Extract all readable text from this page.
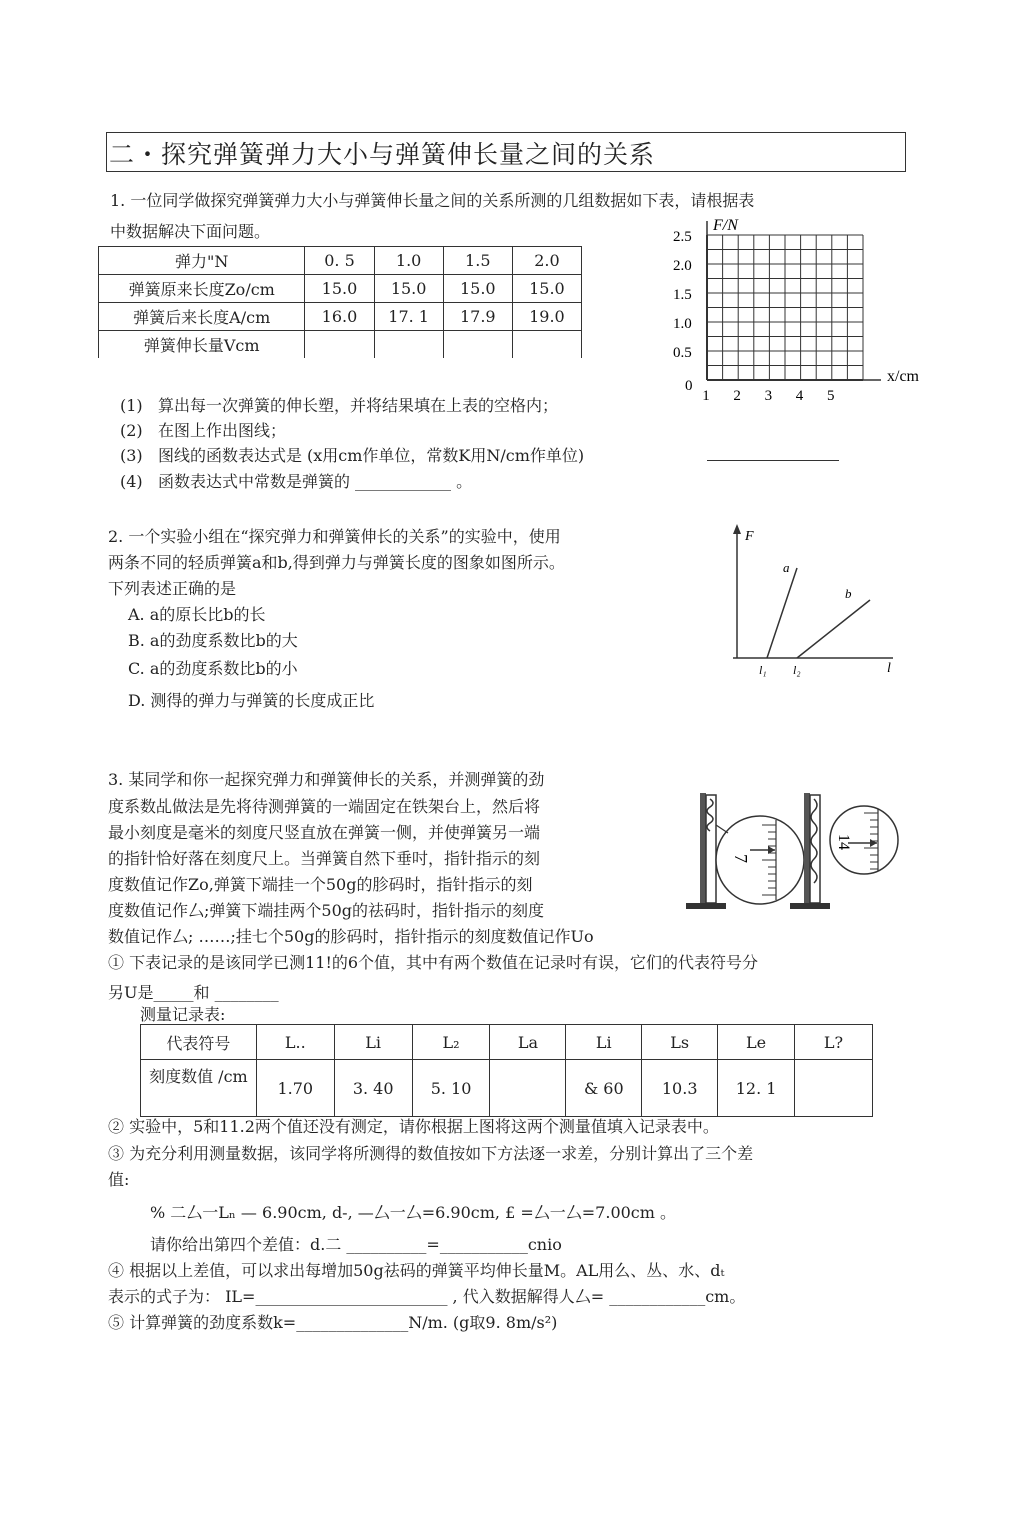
二・探究弹簧弹力大小与弹簧伸长量之间的关系
1. 一位同学做探究弹簧弹力大小与弹簧伸长量之间的关系所测的几组数据如下表，请根据表
中数据解决下面问题。
弹力"N	0. 5	1.0	1.5	2.0
弹簧原来长度Zo/cm	15.0	15.0	15.0	15.0
弹簧后来长度A/cm	16.0	17. 1	17.9	19.0
弹簧伸长量Vcm				
F/N
x/cm
2.5
2.0
1.5
1.0
0.5
0
1 2 3 4 5
(1) 算出每一次弹簧的伸长塑，并将结果填在上表的空格内；
(2) 在图上作出图线；
(3) 图线的函数表达式是 (x用cm作单位，常数K用N/cm作单位)
(4) 函数表达式中常数是弹簧的 ____________ 。
2. 一个实验小组在“探究弹力和弹簧伸长的关系”的实验中，使用
两条不同的轻质弹簧a和b,得到弹力与弹簧长度的图象如图所示。
下列表述正确的是
A. a的原长比b的长
B. a的劲度系数比b的大
C. a的劲度系数比b的小
D. 测得的弹力与弹簧的长度成正比
F
l
a
b
l₁ l₂
3. 某同学和你一起探究弹力和弹簧伸长的关系，并测弹簧的劲
度系数乩做法是先将待测弹簧的一端固定在铁架台上，然后将
最小刻度是毫米的刻度尺竖直放在弹簧一侧，并使弹簧另一端
的指针恰好落在刻度尺上。当弹簧自然下垂吋，指针指示的刻
度数值记作Zo,弹簧下端挂一个50g的胗码时，指针指示的刻
度数值记作厶;弹簧下端挂两个50g的祛码时，指针指示的刻度
数值记作厶; ……;挂七个50g的胗码时，指针指示的刻度数值记作Uo
7
14
① 下表记录的是该同学已测11!的6个值，其中有两个数值在记录吋有误，它们的代表符号分
另U是_____和 ________
测量记录表:
代表符号	L..	Li	L₂	La	Li	Ls	Le	L?
刻度数值 /cm	1.70	3. 40	5. 10		& 60	10.3	12. 1	
② 实验中，5和11.2两个值还没有测定，请你根据上图将这两个测量值填入记录表中。
③ 为充分利用测量数据，该同学将所测得的数值按如下方法逐一求差，分别计算出了三个差
值:
% 二厶一Lₙ — 6.90cm, d-, —厶一厶=6.90cm, £ =厶一厶=7.00cm 。
请你给出第四个差值：d.二 __________=___________cnio
④ 根据以上差值，可以求出每增加50g祛码的弹簧平均伸长量M。AL用么、丛、水、dₜ
表示的式子为： ΙL=________________________ , 代入数据解得人厶= ____________cm。
⑤ 计算弹簧的劲度系数k=______________N/m. (g取9. 8m/s²)
